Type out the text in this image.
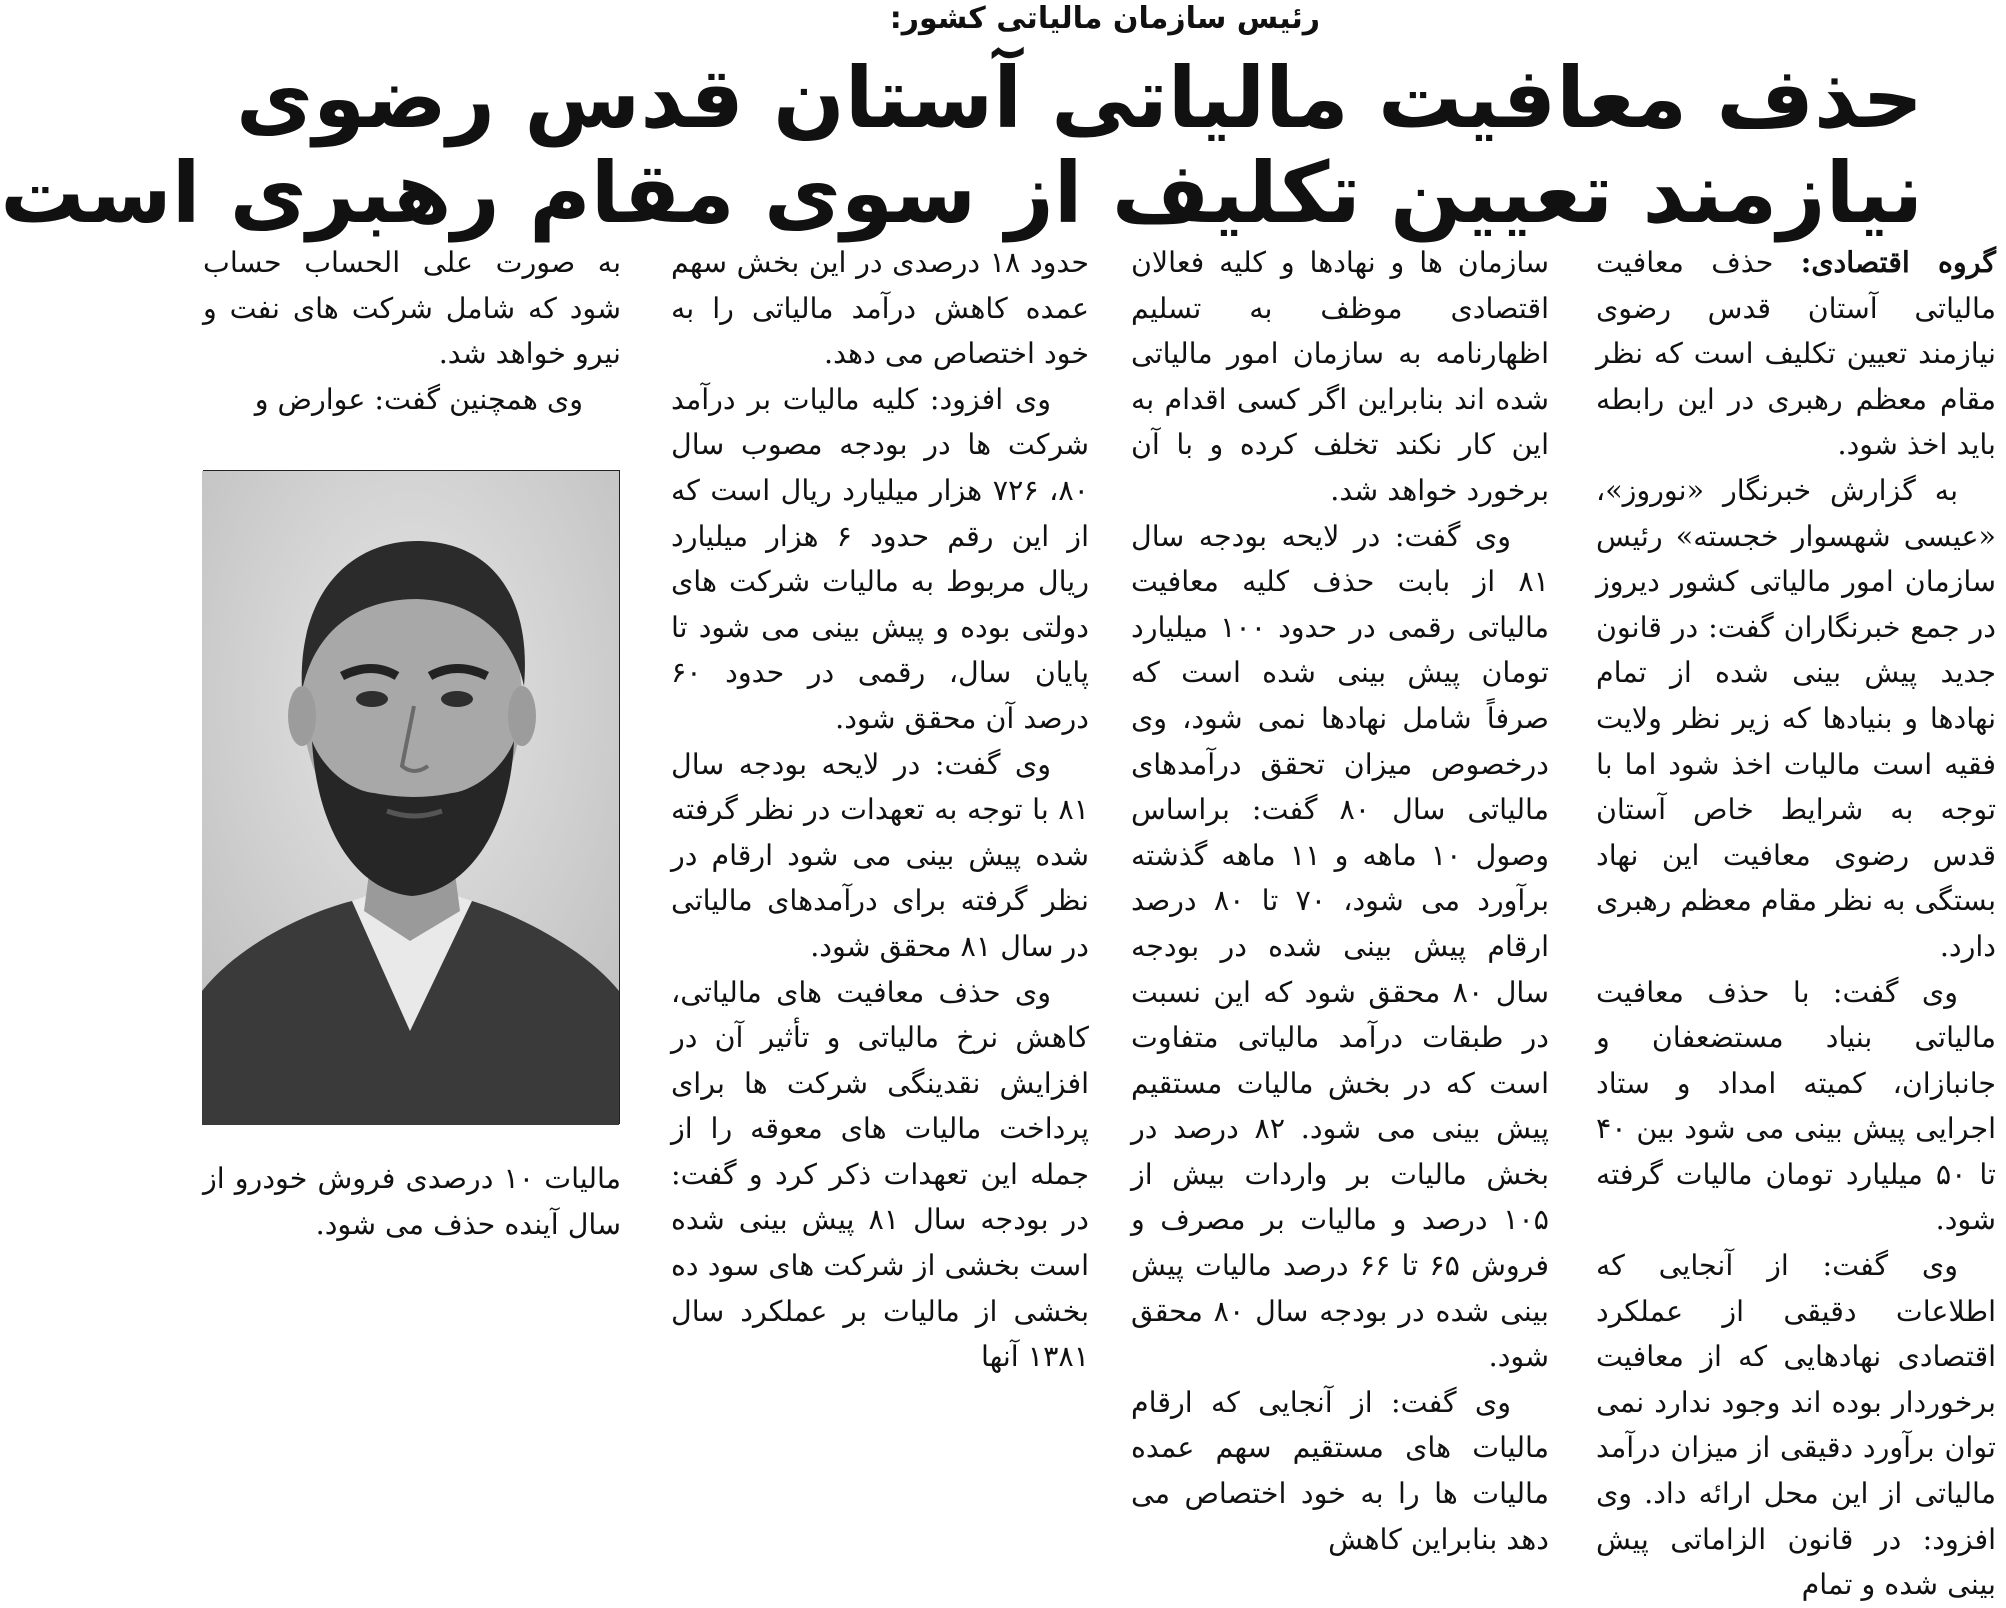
رئیس سازمان مالیاتی کشور:
حذف معافیت مالیاتی آستان قدس رضوی
نیازمند تعیین تکلیف از سوی مقام رهبری است

گروه اقتصادی: حذف معافیت مالیاتی آستان قدس رضوی نیازمند تعیین تکلیف است که نظر مقام معظم رهبری در این رابطه باید اخذ شود.

به گزارش خبرنگار «نوروز»، «عیسی شهسوار خجسته» رئیس سازمان امور مالیاتی کشور دیروز در جمع خبرنگاران گفت: در قانون جدید پیش بینی شده از تمام نهادها و بنیادها که زیر نظر ولایت فقیه است مالیات اخذ شود اما با توجه به شرایط خاص آستان قدس رضوی معافیت این نهاد بستگی به نظر مقام معظم رهبری دارد.

وی گفت: با حذف معافیت مالیاتی بنیاد مستضعفان و جانبازان، کمیته امداد و ستاد اجرایی پیش بینی می شود بین ۴۰ تا ۵۰ میلیارد تومان مالیات گرفته شود.

وی گفت: از آنجایی که اطلاعات دقیقی از عملکرد اقتصادی نهادهایی که از معافیت برخوردار بوده اند وجود ندارد نمی توان برآورد دقیقی از میزان درآمد مالیاتی از این محل ارائه داد. وی افزود: در قانون الزاماتی پیش بینی شده و تمام

سازمان ها و نهادها و کلیه فعالان اقتصادی موظف به تسلیم اظهارنامه به سازمان امور مالیاتی شده اند بنابراین اگر کسی اقدام به این کار نکند تخلف کرده و با آن برخورد خواهد شد.

وی گفت: در لایحه بودجه سال ۸۱ از بابت حذف کلیه معافیت مالیاتی رقمی در حدود ۱۰۰ میلیارد تومان پیش بینی شده است که صرفاً شامل نهادها نمی شود، وی درخصوص میزان تحقق درآمدهای مالیاتی سال ۸۰ گفت: براساس وصول ۱۰ ماهه و ۱۱ ماهه گذشته برآورد می شود، ۷۰ تا ۸۰ درصد ارقام پیش بینی شده در بودجه سال ۸۰ محقق شود که این نسبت در طبقات درآمد مالیاتی متفاوت است که در بخش مالیات مستقیم پیش بینی می شود. ۸۲ درصد در بخش مالیات بر واردات بیش از ۱۰۵ درصد و مالیات بر مصرف و فروش ۶۵ تا ۶۶ درصد مالیات پیش بینی شده در بودجه سال ۸۰ محقق شود.

وی گفت: از آنجایی که ارقام مالیات های مستقیم سهم عمده مالیات ها را به خود اختصاص می دهد بنابراین کاهش

حدود ۱۸ درصدی در این بخش سهم عمده کاهش درآمد مالیاتی را به خود اختصاص می دهد.

وی افزود: کلیه مالیات بر درآمد شرکت ها در بودجه مصوب سال ۸۰، ۷۲۶ هزار میلیارد ریال است که از این رقم حدود ۶ هزار میلیارد ریال مربوط به مالیات شرکت های دولتی بوده و پیش بینی می شود تا پایان سال، رقمی در حدود ۶۰ درصد آن محقق شود.

وی گفت: در لایحه بودجه سال ۸۱ با توجه به تعهدات در نظر گرفته شده پیش بینی می شود ارقام در نظر گرفته برای درآمدهای مالیاتی در سال ۸۱ محقق شود.

وی حذف معافیت های مالیاتی، کاهش نرخ مالیاتی و تأثیر آن در افزایش نقدینگی شرکت ها برای پرداخت مالیات های معوقه را از جمله این تعهدات ذکر کرد و گفت: در بودجه سال ۸۱ پیش بینی شده است بخشی از شرکت های سود ده بخشی از مالیات بر عملکرد سال ۱۳۸۱ آنها

به صورت علی الحساب حساب شود که شامل شرکت های نفت و نیرو خواهد شد.

وی همچنین گفت: عوارض و

مالیات ۱۰ درصدی فروش خودرو از سال آینده حذف می شود.
